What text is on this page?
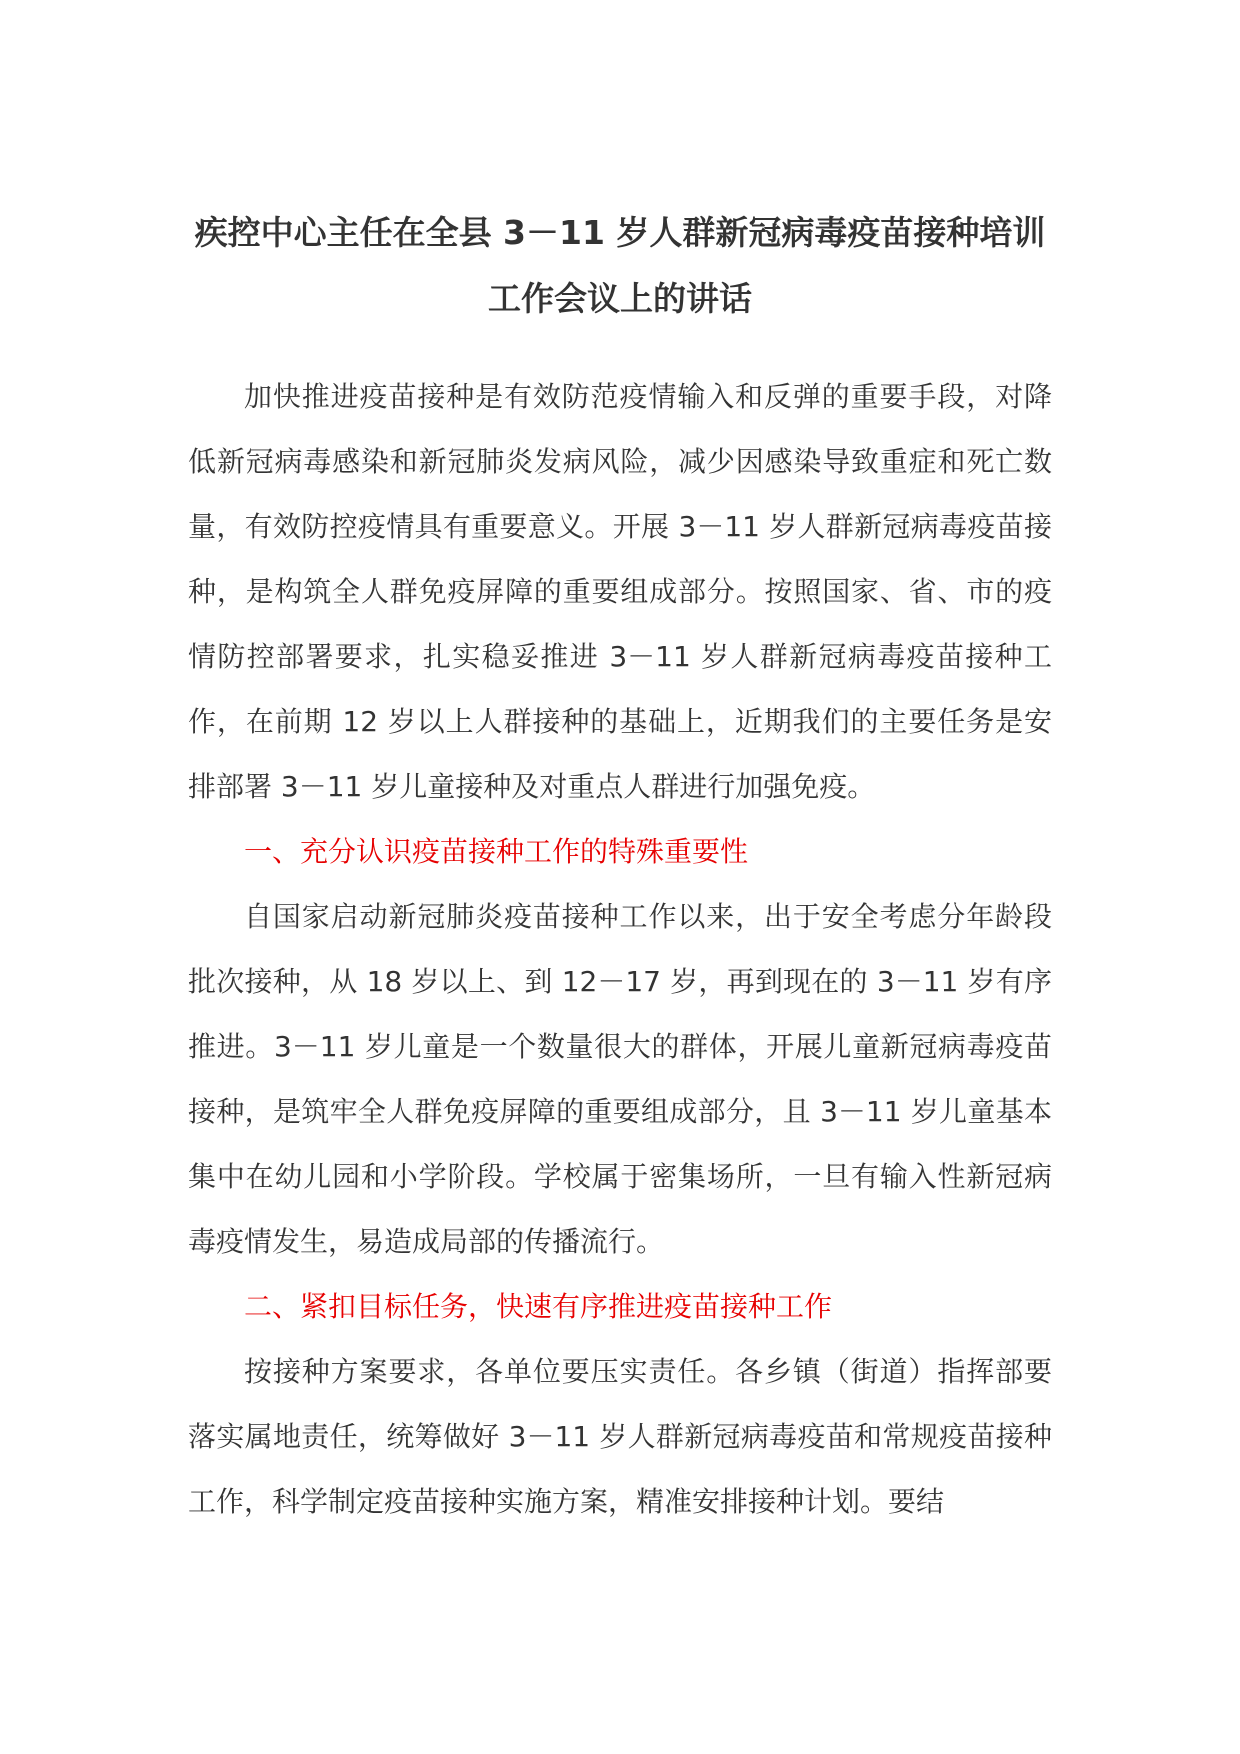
疾控中心主任在全县 3－11 岁人群新冠病毒疫苗接种培训工作会议上的讲话

加快推进疫苗接种是有效防范疫情输入和反弹的重要手段，对降低新冠病毒感染和新冠肺炎发病风险，减少因感染导致重症和死亡数量，有效防控疫情具有重要意义。开展 3－11 岁人群新冠病毒疫苗接种，是构筑全人群免疫屏障的重要组成部分。按照国家、省、市的疫情防控部署要求，扎实稳妥推进 3－11 岁人群新冠病毒疫苗接种工作，在前期 12 岁以上人群接种的基础上，近期我们的主要任务是安排部署 3－11 岁儿童接种及对重点人群进行加强免疫。

一、充分认识疫苗接种工作的特殊重要性

自国家启动新冠肺炎疫苗接种工作以来，出于安全考虑分年龄段批次接种，从 18 岁以上、到 12－17 岁，再到现在的 3－11 岁有序推进。3－11 岁儿童是一个数量很大的群体，开展儿童新冠病毒疫苗接种，是筑牢全人群免疫屏障的重要组成部分，且 3－11 岁儿童基本集中在幼儿园和小学阶段。学校属于密集场所，一旦有输入性新冠病毒疫情发生，易造成局部的传播流行。

二、紧扣目标任务，快速有序推进疫苗接种工作

按接种方案要求，各单位要压实责任。各乡镇（街道）指挥部要落实属地责任，统筹做好 3－11 岁人群新冠病毒疫苗和常规疫苗接种工作，科学制定疫苗接种实施方案，精准安排接种计划。要结
